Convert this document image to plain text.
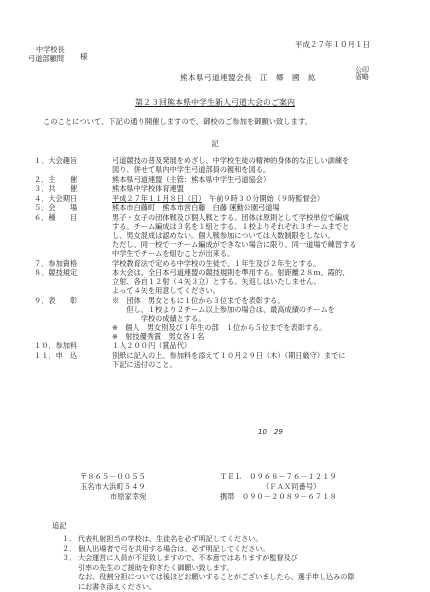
平成２７年１０月１日
中学校長
弓道部顧問 様
熊本県弓道連盟会長　江　郷　國　紘
公印
省略
第２３回熊本県中学生新人弓道大会のご案内
このことについて、下記の通り開催しますので、御校のご参加を御願い致します。
記
１．大会趣旨	弓道競技の普及発展をめざし、中学校生徒の精神的身体的な正しい訓練を
図り、併せて県内中学生弓道部員の親和を図る。
２．主　　催	熊本県弓道連盟（主管：熊本県中学生弓道協会）
３．共　　催	熊本県中学校体育連盟
４．大会期日	平成２７年１１月８日（日）　午前９時３０分開始（９時監督会）
５．会　　場	熊本市白藤町　熊本市営白藤　白藤 運動公園弓道場
６．種　　目	男子・女子の団体戦及び個人戦とする。団体は原則として学校単位で編成
する。チーム編成は３名を１組とする。１校よりそれぞれ３チームまでと
し、男女混成は認めない。個人戦参加については人数制限をしない。
ただし、同一校で一チーム編成ができない場合に限り、同一道場で練習する
中学生でチームを組むことが出来る。
７．参加資格	学校教育法で定める中学校の生徒で、１年生及び２年生とする。
８．競技規定	本大会は、全日本弓道連盟の競技規則を準用する。射距離２８ｍ、霞的、
立射、各自１２射（４矢３立）とする。矢返しはいたしません。
よって４矢を用意してください。
９．表　　彰	※　団体　男女ともに１位から３位までを表彰する。
　　但し、１校より２チーム以上参加の場合は、最高成績のチームを
　　　　学校の成績とする。
※　個人　男女別及び１年生の部　１位から５位までを表彰する。
※　射技優秀賞　男女各１名
１０．参加料	１人２００円（賞品代）
１１．申　込	別紙に記入の上、参加料を添えて１０月２９日（木）（期日厳守）までに
下記に送付のこと。
10　29
〒８６５－００５５	ＴＥＬ　０９６８－７６－１２１９
玉名市大浜町５４９	（ＦＡＸ同番号）
市原家幸宛	携帯　０９０－２０８９－６７１８
追記
１． 代表札射担当の学校は、生徒名を必ず明記してください。
２． 個人出場者で弓を共用する場合は、必ず明記してください。
３． 大会運営に人員が不足致しますので、不本意ではありますが監督及び
引率の先生のご援助を仰ぎたく御願い致します。
なお、役割分担については後ほどお願いすることがございましたら、選手申し込みの際
にお書き添えください。
